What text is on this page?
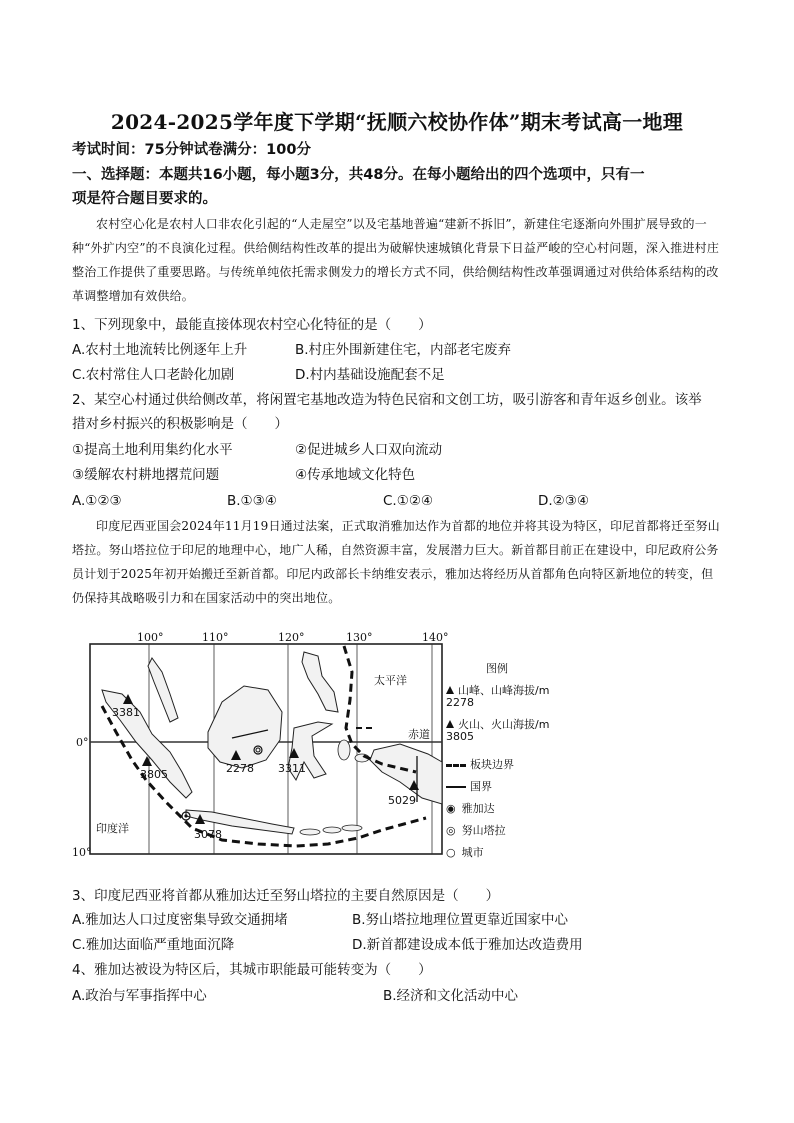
2024-2025学年度下学期“抚顺六校协作体”期末考试高一地理
考试时间：75分钟试卷满分：100分
一、选择题：本题共16小题，每小题3分，共48分。在每小题给出的四个选项中，只有一
项是符合题目要求的。
农村空心化是农村人口非农化引起的“人走屋空”以及宅基地普遍“建新不拆旧”，新建住宅逐渐向外围扩展导致的一种“外扩内空”的不良演化过程。供给侧结构性改革的提出为破解快速城镇化背景下日益严峻的空心村问题，深入推进村庄整治工作提供了重要思路。与传统单纯依托需求侧发力的增长方式不同，供给侧结构性改革强调通过对供给体系结构的改革调整增加有效供给。
1、下列现象中，最能直接体现农村空心化特征的是（　　）
A.农村土地流转比例逐年上升	B.村庄外围新建住宅，内部老宅废弃
C.农村常住人口老龄化加剧	D.村内基础设施配套不足
2、某空心村通过供给侧改革，将闲置宅基地改造为特色民宿和文创工坊，吸引游客和青年返乡创业。该举
措对乡村振兴的积极影响是（　　）
①提高土地利用集约化水平	②促进城乡人口双向流动
③缓解农村耕地撂荒问题	④传承地域文化特色
A.①②③	B.①③④	C.①②④	D.②③④
印度尼西亚国会2024年11月19日通过法案，正式取消雅加达作为首都的地位并将其设为特区，印尼首都将迁至努山塔拉。努山塔拉位于印尼的地理中心，地广人稀，自然资源丰富，发展潜力巨大。新首都目前正在建设中，印尼政府公务员计划于2025年初开始搬迁至新首都。印尼内政部长卡纳维安表示，雅加达将经历从首都角色向特区新地位的转变，但仍保持其战略吸引力和在国家活动中的突出地位。
100°	110°	120°	130°	140°
0°
10°
太平洋
印度洋
赤道
3381
3805	2278 3311
5029
3078
图例
山峰、山峰海拔/m
2278
火山、火山海拔/m
3805
板块边界
国界
◉ 雅加达
◎ 努山塔拉
○ 城市
3、印度尼西亚将首都从雅加达迁至努山塔拉的主要自然原因是（　　）
A.雅加达人口过度密集导致交通拥堵	B.努山塔拉地理位置更靠近国家中心
C.雅加达面临严重地面沉降	D.新首都建设成本低于雅加达改造费用
4、雅加达被设为特区后，其城市职能最可能转变为（　　）
A.政治与军事指挥中心	B.经济和文化活动中心
